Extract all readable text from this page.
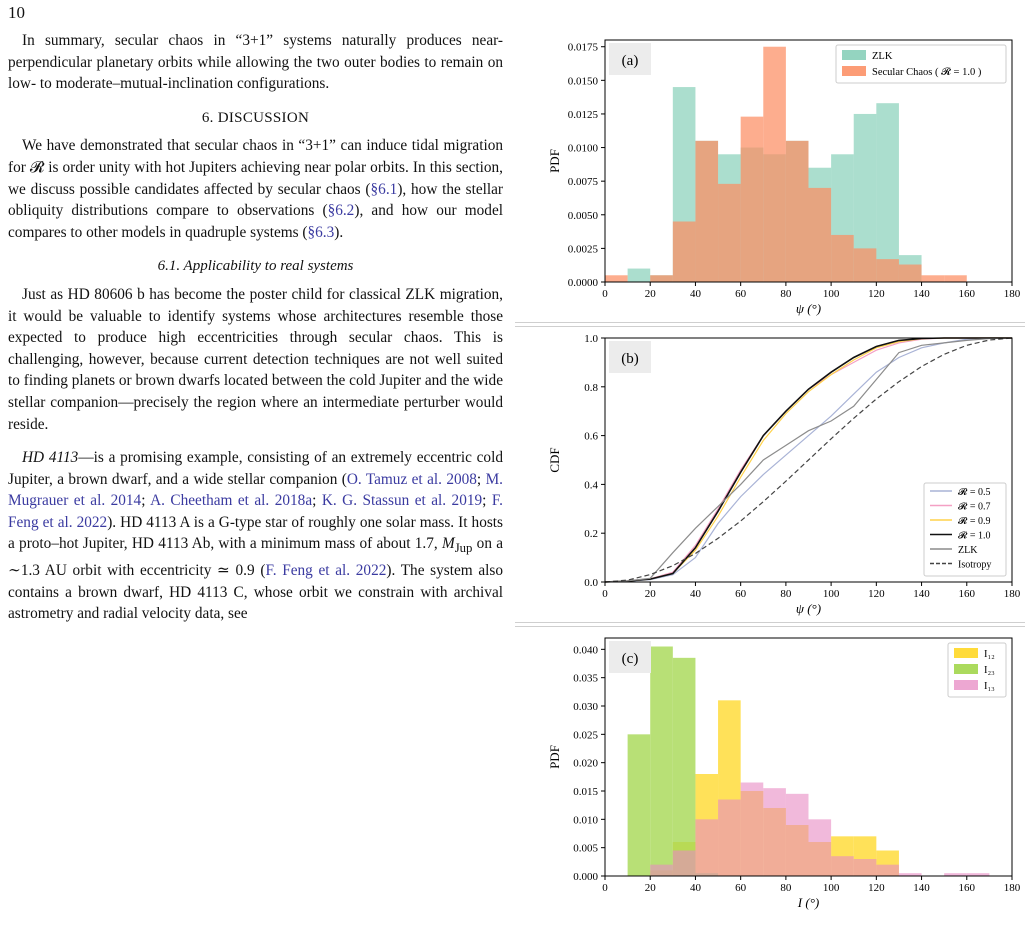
10

In summary, secular chaos in “3+1” systems naturally produces near-perpendicular planetary orbits while allowing the two outer bodies to remain on low- to moderate–mutual-inclination configurations.

6. DISCUSSION

We have demonstrated that secular chaos in “3+1” can induce tidal migration for 𝓡 is order unity with hot Jupiters achieving near polar orbits. In this section, we discuss possible candidates affected by secular chaos (§6.1), how the stellar obliquity distributions compare to observations (§6.2), and how our model compares to other models in quadruple systems (§6.3).

6.1. Applicability to real systems

Just as HD 80606 b has become the poster child for classical ZLK migration, it would be valuable to identify systems whose architectures resemble those expected to produce high eccentricities through secular chaos. This is challenging, however, because current detection techniques are not well suited to finding planets or brown dwarfs located between the cold Jupiter and the wide stellar companion—precisely the region where an intermediate perturber would reside.

HD 4113—is a promising example, consisting of an extremely eccentric cold Jupiter, a brown dwarf, and a wide stellar companion (O. Tamuz et al. 2008; M. Mugrauer et al. 2014; A. Cheetham et al. 2018a; K. G. Stassun et al. 2019; F. Feng et al. 2022). HD 4113 A is a G-type star of roughly one solar mass. It hosts a proto–hot Jupiter, HD 4113 Ab, with a minimum mass of about 1.7, $M_{Jup}$ on a ∼1.3 AU orbit with eccentricity ≃ 0.9 (F. Feng et al. 2022). The system also contains a brown dwarf, HD 4113 C, whose orbit we constrain with archival astrometry and radial velocity data, see

0	20	40	60	80	100	120	140	160	180
0.0000
0.0025
0.0050
0.0075
0.0100
0.0125
0.0150
0.0175
ψ (°)
PDF
(a)	ZLK
Secular Chaos ( 𝓡 = 1.0 )
0	20	40	60	80	100	120	140	160	180
0.0
0.2
0.4
0.6
0.8
1.0
ψ (°)
CDF
(b)
𝓡 = 0.5
𝓡 = 0.7
𝓡 = 0.9
𝓡 = 1.0
ZLK
Isotropy
0	20	40	60	80	100	120	140	160	180
0.000
0.005
0.010
0.015
0.020
0.025
0.030
0.035
0.040
I (°)
PDF
(c)	I₁₂
I₂₃
I₁₃
